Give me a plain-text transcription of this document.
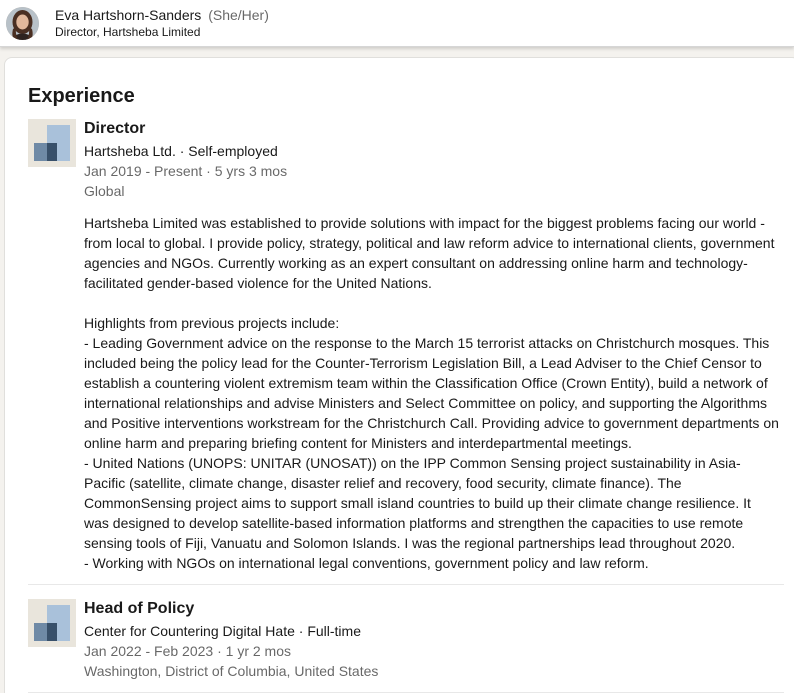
Eva Hartshorn-Sanders (She/Her)
Director, Hartsheba Limited
Experience
Director
Hartsheba Ltd. · Self-employed
Jan 2019 - Present · 5 yrs 3 mos
Global

Hartsheba Limited was established to provide solutions with impact for the biggest problems facing our world - from local to global. I provide policy, strategy, political and law reform advice to international clients, government agencies and NGOs. Currently working as an expert consultant on addressing online harm and technology-facilitated gender-based violence for the United Nations.

Highlights from previous projects include:

- Leading Government advice on the response to the March 15 terrorist attacks on Christchurch mosques. This included being the policy lead for the Counter-Terrorism Legislation Bill, a Lead Adviser to the Chief Censor to establish a countering violent extremism team within the Classification Office (Crown Entity), build a network of international relationships and advise Ministers and Select Committee on policy, and supporting the Algorithms and Positive interventions workstream for the Christchurch Call. Providing advice to government departments on online harm and preparing briefing content for Ministers and interdepartmental meetings.

- United Nations (UNOPS: UNITAR (UNOSAT)) on the IPP Common Sensing project sustainability in Asia-Pacific (satellite, climate change, disaster relief and recovery, food security, climate finance). The CommonSensing project aims to support small island countries to build up their climate change resilience. It was designed to develop satellite-based information platforms and strengthen the capacities to use remote sensing tools of Fiji, Vanuatu and Solomon Islands. I was the regional partnerships lead throughout 2020.

- Working with NGOs on international legal conventions, government policy and law reform.

Head of Policy
Center for Countering Digital Hate · Full-time
Jan 2022 - Feb 2023 · 1 yr 2 mos
Washington, District of Columbia, United States
